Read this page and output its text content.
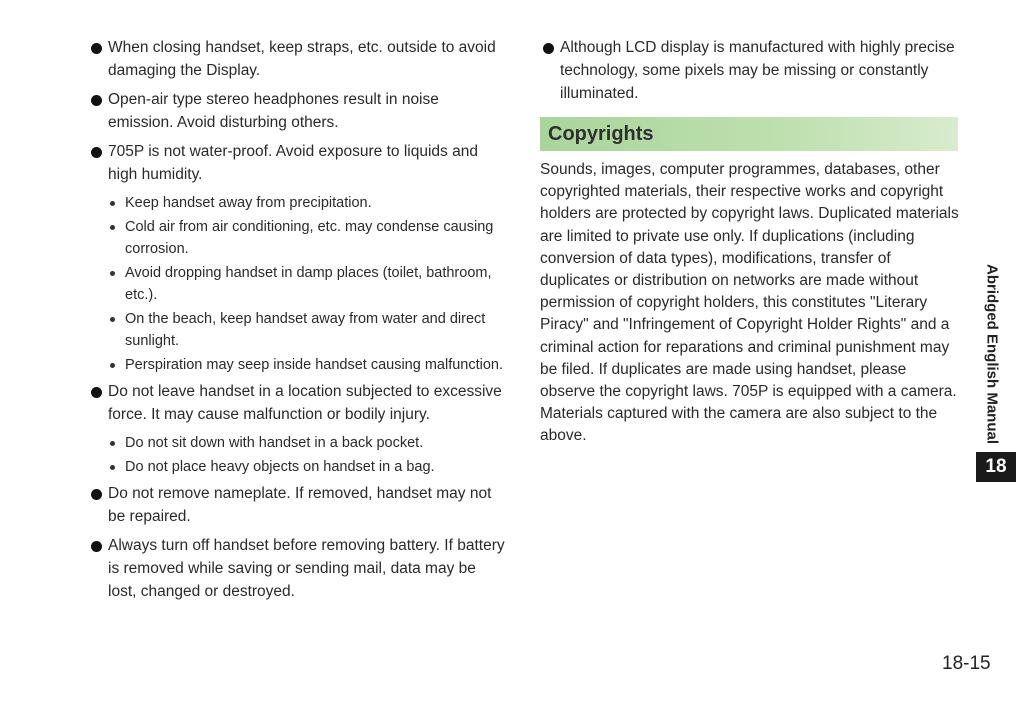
When closing handset, keep straps, etc. outside to avoid damaging the Display.
Open-air type stereo headphones result in noise emission. Avoid disturbing others.
705P is not water-proof. Avoid exposure to liquids and high humidity.
Keep handset away from precipitation.
Cold air from air conditioning, etc. may condense causing corrosion.
Avoid dropping handset in damp places (toilet, bathroom, etc.).
On the beach, keep handset away from water and direct sunlight.
Perspiration may seep inside handset causing malfunction.
Do not leave handset in a location subjected to excessive force. It may cause malfunction or bodily injury.
Do not sit down with handset in a back pocket.
Do not place heavy objects on handset in a bag.
Do not remove nameplate. If removed, handset may not be repaired.
Always turn off handset before removing battery. If battery is removed while saving or sending mail, data may be lost, changed or destroyed.
Although LCD display is manufactured with highly precise technology, some pixels may be missing or constantly illuminated.
Copyrights
Sounds, images, computer programmes, databases, other copyrighted materials, their respective works and copyright holders are protected by copyright laws. Duplicated materials are limited to private use only. If duplications (including conversion of data types), modifications, transfer of duplicates or distribution on networks are made without permission of copyright holders, this constitutes "Literary Piracy" and "Infringement of Copyright Holder Rights" and a criminal action for reparations and criminal punishment may be filed. If duplicates are made using handset, please observe the copyright laws. 705P is equipped with a camera. Materials captured with the camera are also subject to the above.	Abridged English Manual
18
18-15
